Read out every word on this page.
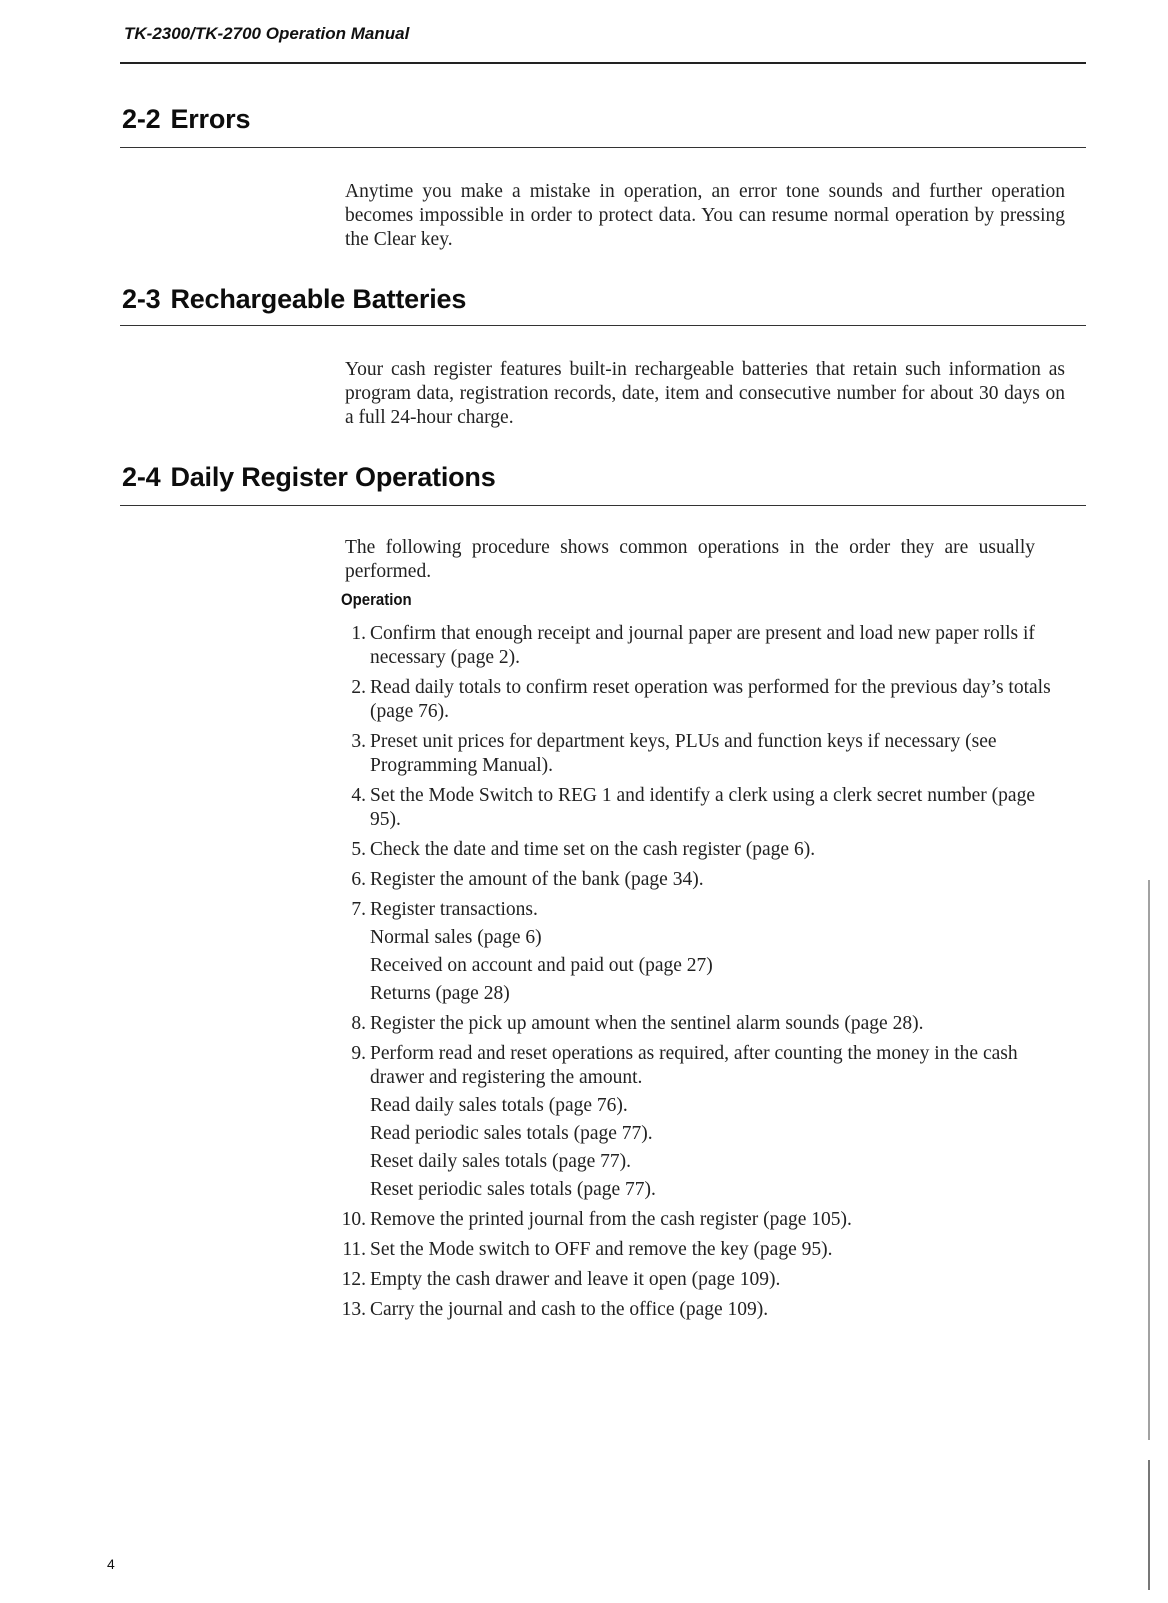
TK-2300/TK-2700 Operation Manual
2-2 Errors

Anytime you make a mistake in operation, an error tone sounds and further operation becomes impossible in order to protect data. You can resume normal operation by pressing the Clear key.

2-3 Rechargeable Batteries

Your cash register features built-in rechargeable batteries that retain such information as program data, registration records, date, item and consecutive number for about 30 days on a full 24-hour charge.

2-4 Daily Register Operations

The following procedure shows common operations in the order they are usually performed.

Operation
1. Confirm that enough receipt and journal paper are present and load new paper rolls if necessary (page 2).
2. Read daily totals to confirm reset operation was performed for the previous day’s totals (page 76).
3. Preset unit prices for department keys, PLUs and function keys if necessary (see Programming Manual).
4. Set the Mode Switch to REG 1 and identify a clerk using a clerk secret number (page 95).
5. Check the date and time set on the cash register (page 6).
6. Register the amount of the bank (page 34).
7. Register transactions.
Normal sales (page 6)
Received on account and paid out (page 27)
Returns (page 28)
8. Register the pick up amount when the sentinel alarm sounds (page 28).
9. Perform read and reset operations as required, after counting the money in the cash drawer and registering the amount.
Read daily sales totals (page 76).
Read periodic sales totals (page 77).
Reset daily sales totals (page 77).
Reset periodic sales totals (page 77).
10. Remove the printed journal from the cash register (page 105).
11. Set the Mode switch to OFF and remove the key (page 95).
12. Empty the cash drawer and leave it open (page 109).
13. Carry the journal and cash to the office (page 109).
4
